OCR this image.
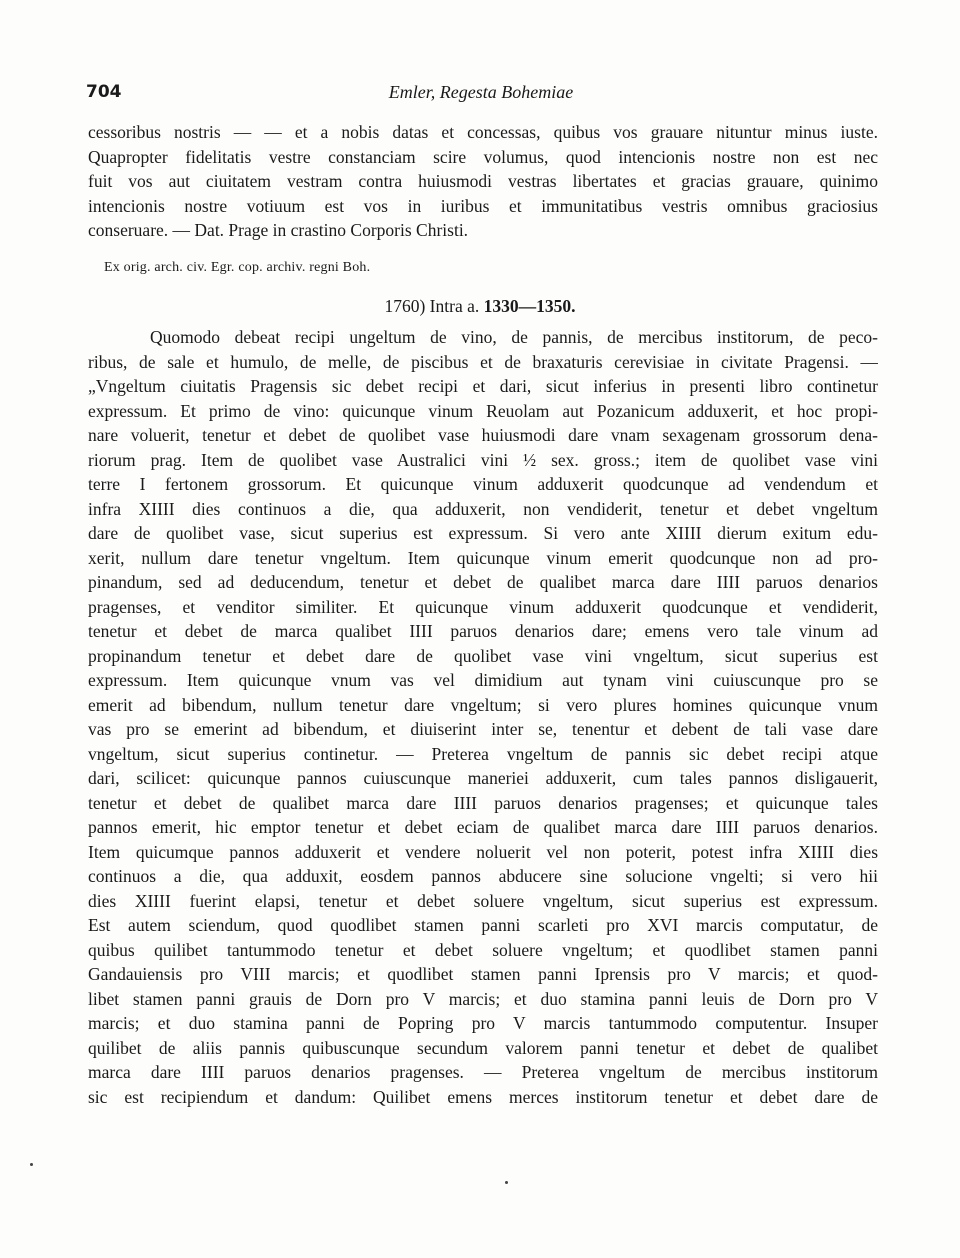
704	Emler, Regesta Bohemiae
cessoribus nostris — — et a nobis datas et concessas, quibus vos grauare nituntur minus iuste.
Quapropter fidelitatis vestre constanciam scire volumus, quod intencionis nostre non est nec
fuit vos aut ciuitatem vestram contra huiusmodi vestras libertates et gracias grauare, quinimo
intencionis nostre votiuum est vos in iuribus et immunitatibus vestris omnibus graciosius
conseruare. — Dat. Prage in crastino Corporis Christi.
Ex orig. arch. civ. Egr. cop. archiv. regni Boh.
1760) Intra a. 1330—1350.
Quomodo debeat recipi ungeltum de vino, de pannis, de mercibus institorum, de peco-
ribus, de sale et humulo, de melle, de piscibus et de braxaturis cerevisiae in civitate Pragensi. —
„Vngeltum ciuitatis Pragensis sic debet recipi et dari, sicut inferius in presenti libro continetur
expressum. Et primo de vino: quicunque vinum Reuolam aut Pozanicum adduxerit, et hoc propi-
nare voluerit, tenetur et debet de quolibet vase huiusmodi dare vnam sexagenam grossorum dena-
riorum prag. Item de quolibet vase Australici vini ½ sex. gross.; item de quolibet vase vini
terre I fertonem grossorum. Et quicunque vinum adduxerit quodcunque ad vendendum et
infra XIIII dies continuos a die, qua adduxerit, non vendiderit, tenetur et debet vngeltum
dare de quolibet vase, sicut superius est expressum. Si vero ante XIIII dierum exitum edu-
xerit, nullum dare tenetur vngeltum. Item quicunque vinum emerit quodcunque non ad pro-
pinandum, sed ad deducendum, tenetur et debet de qualibet marca dare IIII paruos denarios
pragenses, et venditor similiter. Et quicunque vinum adduxerit quodcunque et vendiderit,
tenetur et debet de marca qualibet IIII paruos denarios dare; emens vero tale vinum ad
propinandum tenetur et debet dare de quolibet vase vini vngeltum, sicut superius est
expressum. Item quicunque vnum vas vel dimidium aut tynam vini cuiuscunque pro se
emerit ad bibendum, nullum tenetur dare vngeltum; si vero plures homines quicunque vnum
vas pro se emerint ad bibendum, et diuiserint inter se, tenentur et debent de tali vase dare
vngeltum, sicut superius continetur. — Preterea vngeltum de pannis sic debet recipi atque
dari, scilicet: quicunque pannos cuiuscunque maneriei adduxerit, cum tales pannos disligauerit,
tenetur et debet de qualibet marca dare IIII paruos denarios pragenses; et quicunque tales
pannos emerit, hic emptor tenetur et debet eciam de qualibet marca dare IIII paruos denarios.
Item quicumque pannos adduxerit et vendere noluerit vel non poterit, potest infra XIIII dies
continuos a die, qua adduxit, eosdem pannos abducere sine solucione vngelti; si vero hii
dies XIIII fuerint elapsi, tenetur et debet soluere vngeltum, sicut superius est expressum.
Est autem sciendum, quod quodlibet stamen panni scarleti pro XVI marcis computatur, de
quibus quilibet tantummodo tenetur et debet soluere vngeltum; et quodlibet stamen panni
Gandauiensis pro VIII marcis; et quodlibet stamen panni Iprensis pro V marcis; et quod-
libet stamen panni grauis de Dorn pro V marcis; et duo stamina panni leuis de Dorn pro V
marcis; et duo stamina panni de Popring pro V marcis tantummodo computentur. Insuper
quilibet de aliis pannis quibuscunque secundum valorem panni tenetur et debet de qualibet
marca dare IIII paruos denarios pragenses. — Preterea vngeltum de mercibus institorum
sic est recipiendum et dandum: Quilibet emens merces institorum tenetur et debet dare de
